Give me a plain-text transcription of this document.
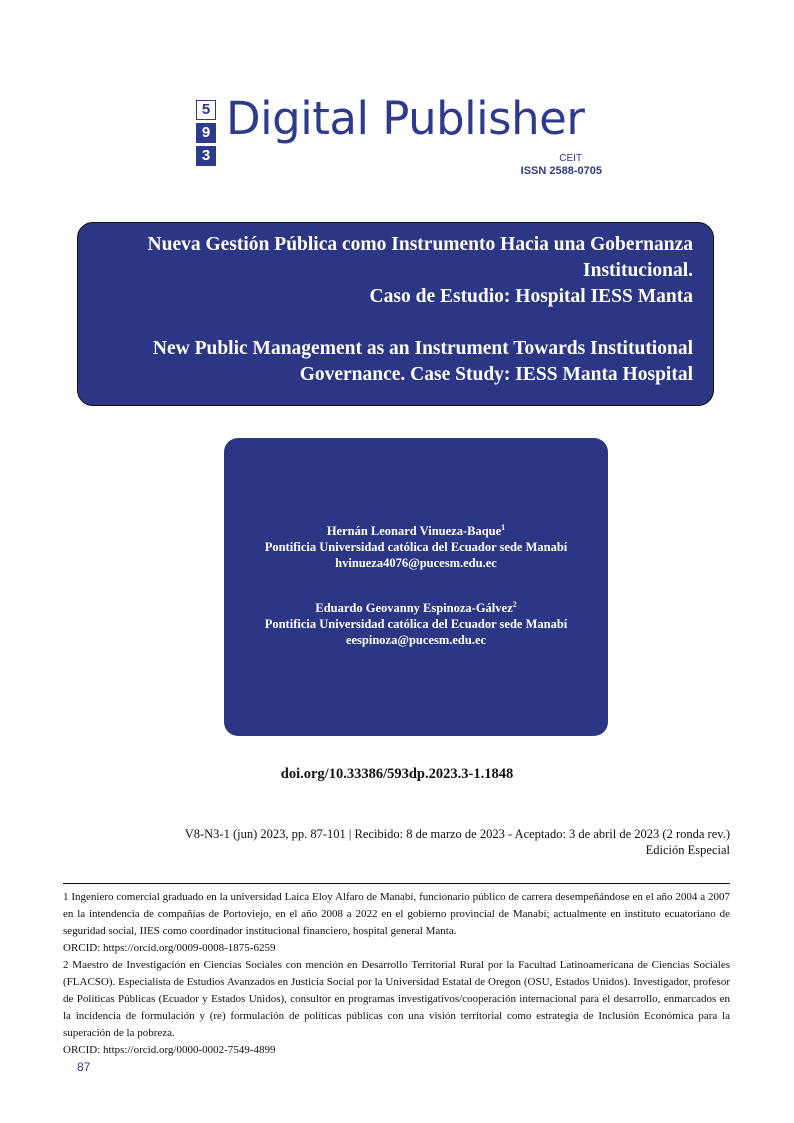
5
9
3
Digital Publisher
CEIT
ISSN 2588-0705
Nueva Gestión Pública como Instrumento Hacia una Gobernanza
Institucional.
Caso de Estudio: Hospital IESS Manta
New Public Management as an Instrument Towards Institutional
Governance. Case Study: IESS Manta Hospital
Hernán Leonard Vinueza-Baque$^1$
Pontificia Universidad católica del Ecuador sede Manabí
hvinueza4076@pucesm.edu.ec
Eduardo Geovanny Espinoza-Gálvez$^2$
Pontificia Universidad católica del Ecuador sede Manabí
eespinoza@pucesm.edu.ec
doi.org/10.33386/593dp.2023.3-1.1848
V8-N3-1 (jun) 2023, pp. 87-101 | Recibido: 8 de marzo de 2023 - Aceptado: 3 de abril de 2023 (2 ronda rev.)
Edición Especial

1 Ingeniero comercial graduado en la universidad Laica Eloy Alfaro de Manabí, funcionario público de carrera desempeñándose en el año 2004 a 2007 en la intendencia de compañías de Portoviejo, en el año 2008 a 2022 en el gobierno provincial de Manabí; actualmente en instituto ecuatoriano de seguridad social, IIES como coordinador institucional financiero, hospital general Manta.

ORCID: https://orcid.org/0009-0008-1875-6259

2 Maestro de Investigación en Ciencias Sociales con mención en Desarrollo Territorial Rural por la Facultad Latinoamericana de Ciencias Sociales (FLACSO). Especialista de Estudios Avanzados en Justicia Social por la Universidad Estatal de Oregon (OSU, Estados Unidos). Investigador, profesor de Políticas Públicas (Ecuador y Estados Unidos), consultor en programas investigativos/cooperación internacional para el desarrollo, enmarcados en la incidencia de formulación y (re) formulación de políticas públicas con una visión territorial como estrategia de Inclusión Económica para la superación de la pobreza.

ORCID: https://orcid.org/0000-0002-7549-4899

87
